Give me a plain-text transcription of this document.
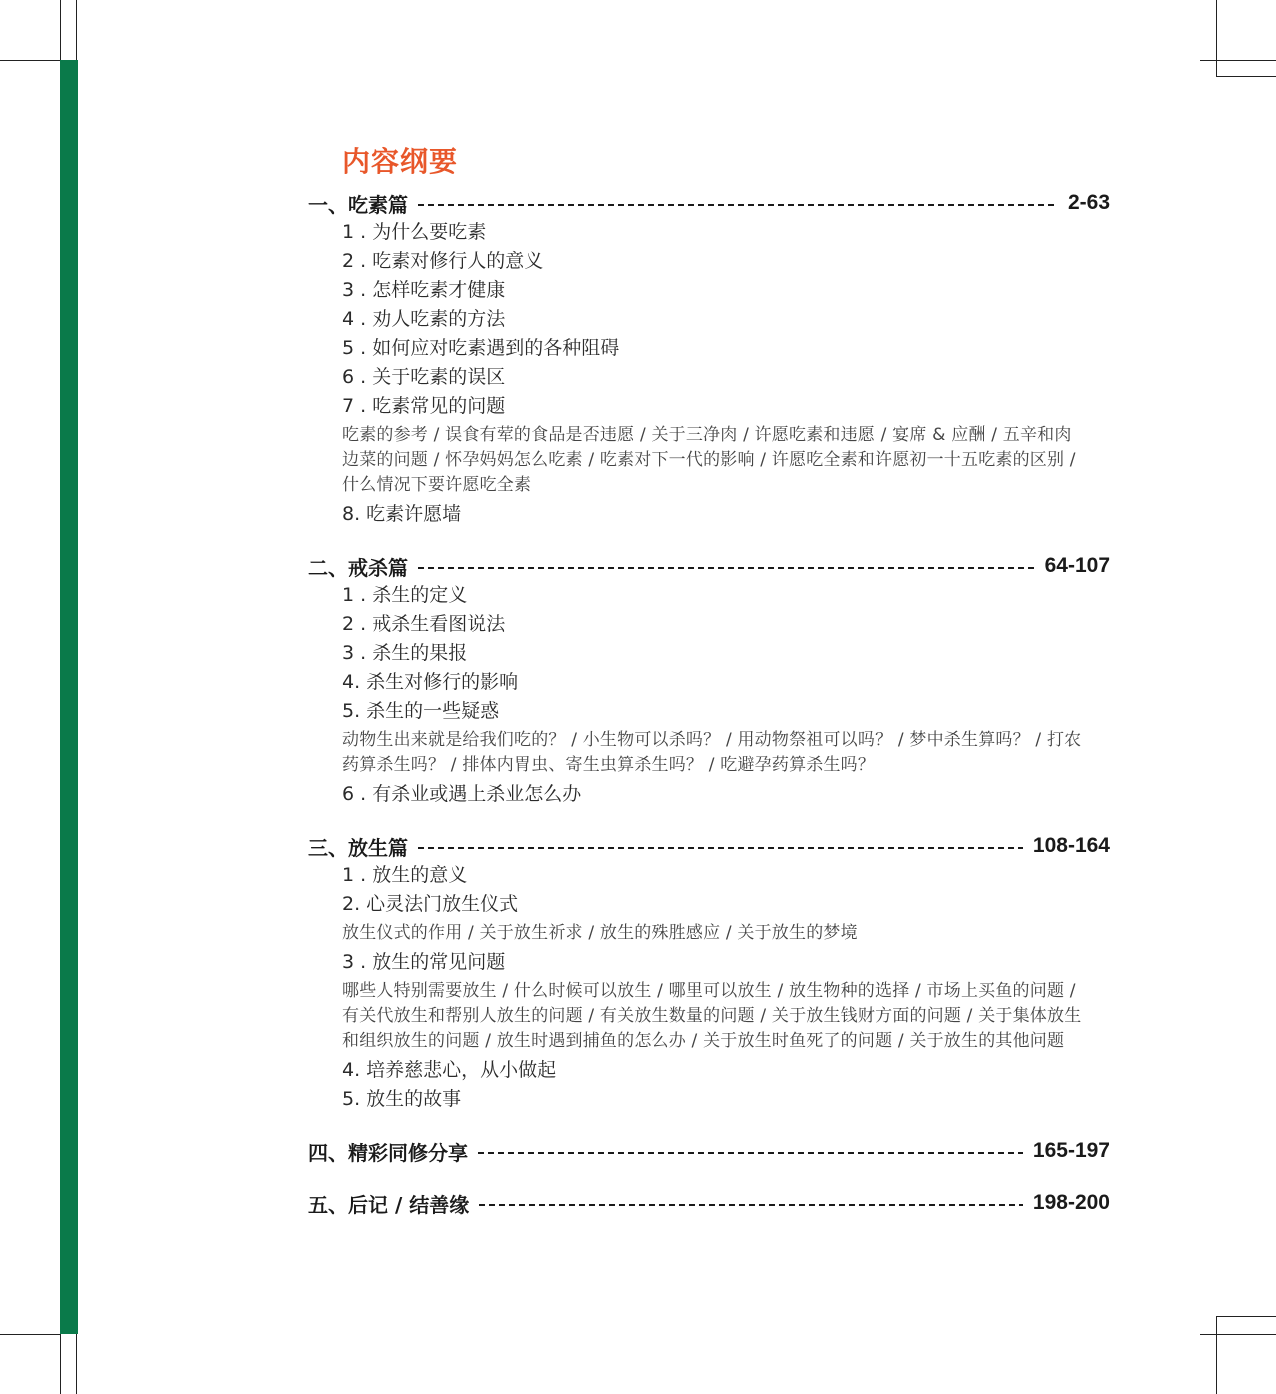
内容纲要
一、吃素篇	2-63
1 . 为什么要吃素
2 . 吃素对修行人的意义
3 . 怎样吃素才健康
4 . 劝人吃素的方法
5 . 如何应对吃素遇到的各种阻碍
6 . 关于吃素的误区
7 . 吃素常见的问题
吃素的参考 / 误食有荤的食品是否违愿 / 关于三净肉 / 许愿吃素和违愿 / 宴席 & 应酬 / 五辛和肉边菜的问题 / 怀孕妈妈怎么吃素 / 吃素对下一代的影响 / 许愿吃全素和许愿初一十五吃素的区别 / 什么情况下要许愿吃全素
8. 吃素许愿墙
二、戒杀篇	64-107
1 . 杀生的定义
2 . 戒杀生看图说法
3 . 杀生的果报
4. 杀生对修行的影响
5. 杀生的一些疑惑
动物生出来就是给我们吃的？ / 小生物可以杀吗？ / 用动物祭祖可以吗？ / 梦中杀生算吗？ / 打农药算杀生吗？ / 排体内胃虫、寄生虫算杀生吗？ / 吃避孕药算杀生吗？
6 . 有杀业或遇上杀业怎么办
三、放生篇	108-164
1 . 放生的意义
2. 心灵法门放生仪式
放生仪式的作用 / 关于放生祈求 / 放生的殊胜感应 / 关于放生的梦境
3 . 放生的常见问题
哪些人特别需要放生 / 什么时候可以放生 / 哪里可以放生 / 放生物种的选择 / 市场上买鱼的问题 / 有关代放生和帮别人放生的问题 / 有关放生数量的问题 / 关于放生钱财方面的问题 / 关于集体放生和组织放生的问题 / 放生时遇到捕鱼的怎么办 / 关于放生时鱼死了的问题 / 关于放生的其他问题
4. 培养慈悲心，从小做起
5. 放生的故事
四、精彩同修分享	165-197
五、后记 / 结善缘	198-200
